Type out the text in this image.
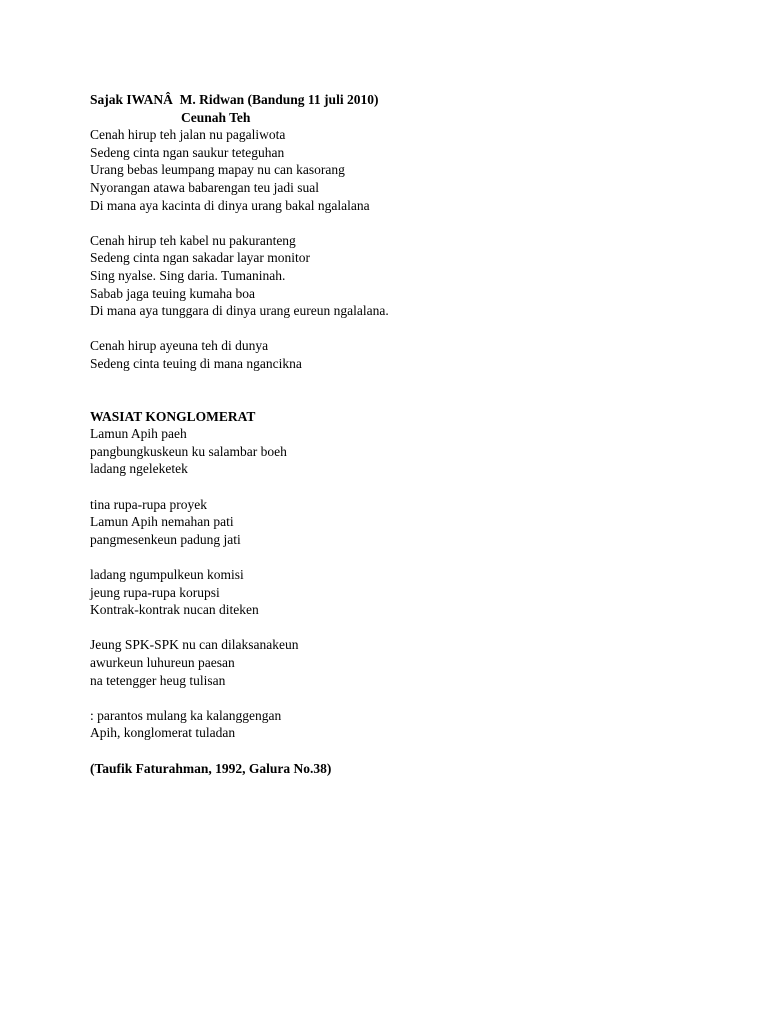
Sajak IWANÂ  M. Ridwan (Bandung 11 juli 2010)
Ceunah Teh
Cenah hirup teh jalan nu pagaliwota
Sedeng cinta ngan saukur teteguhan
Urang bebas leumpang mapay nu can kasorang
Nyorangan atawa babarengan teu jadi sual
Di mana aya kacinta di dinya urang bakal ngalalana
Cenah hirup teh kabel nu pakuranteng
Sedeng cinta ngan sakadar layar monitor
Sing nyalse. Sing daria. Tumaninah.
Sabab jaga teuing kumaha boa
Di mana aya tunggara di dinya urang eureun ngalalana.
Cenah hirup ayeuna teh di dunya
Sedeng cinta teuing di mana ngancikna
WASIAT KONGLOMERAT
Lamun Apih paeh
pangbungkuskeun ku salambar boeh
ladang ngeleketek
tina rupa-rupa proyek
Lamun Apih nemahan pati
pangmesenkeun padung jati
ladang ngumpulkeun komisi
jeung rupa-rupa korupsi
Kontrak-kontrak nucan diteken
Jeung SPK-SPK nu can dilaksanakeun
awurkeun luhureun paesan
na tetengger heug tulisan
: parantos mulang ka kalanggengan
Apih, konglomerat tuladan
(Taufik Faturahman, 1992, Galura No.38)
